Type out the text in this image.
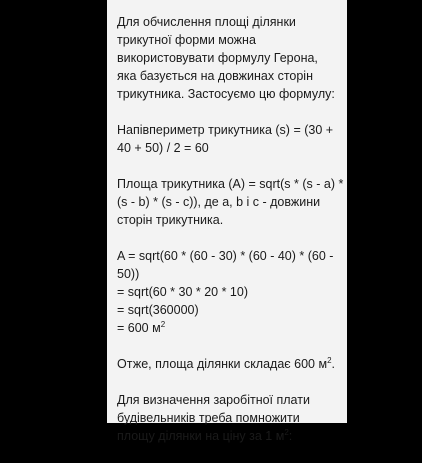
Для обчислення площі ділянки
трикутної форми можна
використовувати формулу Герона,
яка базується на довжинах сторін
трикутника. Застосуємо цю формулу:

Напівпериметр трикутника (s) = (30 +
40 + 50) / 2 = 60

Площа трикутника (A) = sqrt(s * (s - a) *
(s - b) * (s - c)), де a, b і c - довжини
сторін трикутника.

A = sqrt(60 * (60 - 30) * (60 - 40) * (60 -
50))
= sqrt(60 * 30 * 20 * 10)
= sqrt(360000)
= 600 $м^2$

Отже, площа ділянки складає 600 $м^2$.

Для визначення заробітної плати
будівельників треба помножити
площу ділянки на ціну за 1 $м^2$:
